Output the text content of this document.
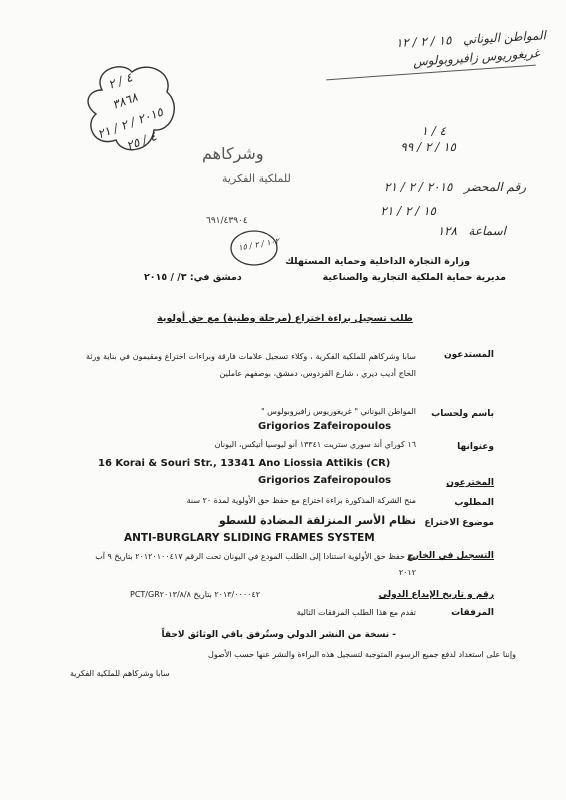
المواطن اليوناني   ١٥ / ٢ / ١٢
غريغوريوس زافيروبولوس
٤ / ١
١٥ / ٢ / ٩٩
٤ / ٢
٣٨٦٨
٢٠١٥ / ٢ / ٢١
٤ / ٢٥
وشركاهم
للملكية الفكرية
رقم المحضر   ٢٠١٥ / ٢ / ٢١
١٥ / ٢ / ٢١
اسماعة   ١٢٨
٦٩١/٤٣٩٠٤
١٠٢ / ٢ / ١٥
وزارة التجارة الداخلية وحماية المستهلك
مديرية حماية الملكية التجارية والصناعية
دمشق في: ٣/ / ٢٠١٥
طلب تسجيل براءة اختراع (مرحلة وطنية) مع حق أولوية
المستدعون
سابا وشركاهم للملكية الفكرية ، وكلاء تسجيل علامات فارقة وبراءات اختراع ومقيمون في بناية ورثة الحاج أديب ديري ، شارع الفردوس، دمشق، بوصفهم عاملين
باسم ولحساب
المواطن اليوناني " غريغوريوس زافيروبولوس "
Grigorios Zafeiropoulos
وعنوانها
١٦ كوراي أند سوري ستريت ١٣٣٤١ آنو ليوسيا أتيكس، اليونان
16 Korai & Souri Str., 13341 Ano Liossia Attikis (CR)
المخترعون
Grigorios Zafeiropoulos
المطلوب
منح الشركة المذكورة براءة اختراع مع حفظ حق الأولوية لمدة ٢٠ سنة
موضوع الاختراع
نظام الأسر المنزلقة المضادة للسطو
ANTI-BURGLARY SLIDING FRAMES SYSTEM
التسجيل في الخارج
مع حفظ حق الأولوية استنادا إلى الطلب المودع في اليونان تحت الرقم ٢٠١٢٠١٠٠٤١٧ بتاريخ ٩ آب ٢٠١٢
رقم و تاريخ الإيداع الدولي
PCT/GR٢٠١٣/٠٠٠٠٤٢ بتاريخ ٢٠١٣/٨/٨
المرفقات
تقدم مع هذا الطلب المرفقات التالية
- نسخة من النشر الدولي وستُرفق باقي الوثائق لاحقاً
وإننا على استعداد لدفع جميع الرسوم المتوجبة لتسجيل هذه البراءة والنشر عنها حسب الأصول
سابا وشركاهم للملكية الفكرية
